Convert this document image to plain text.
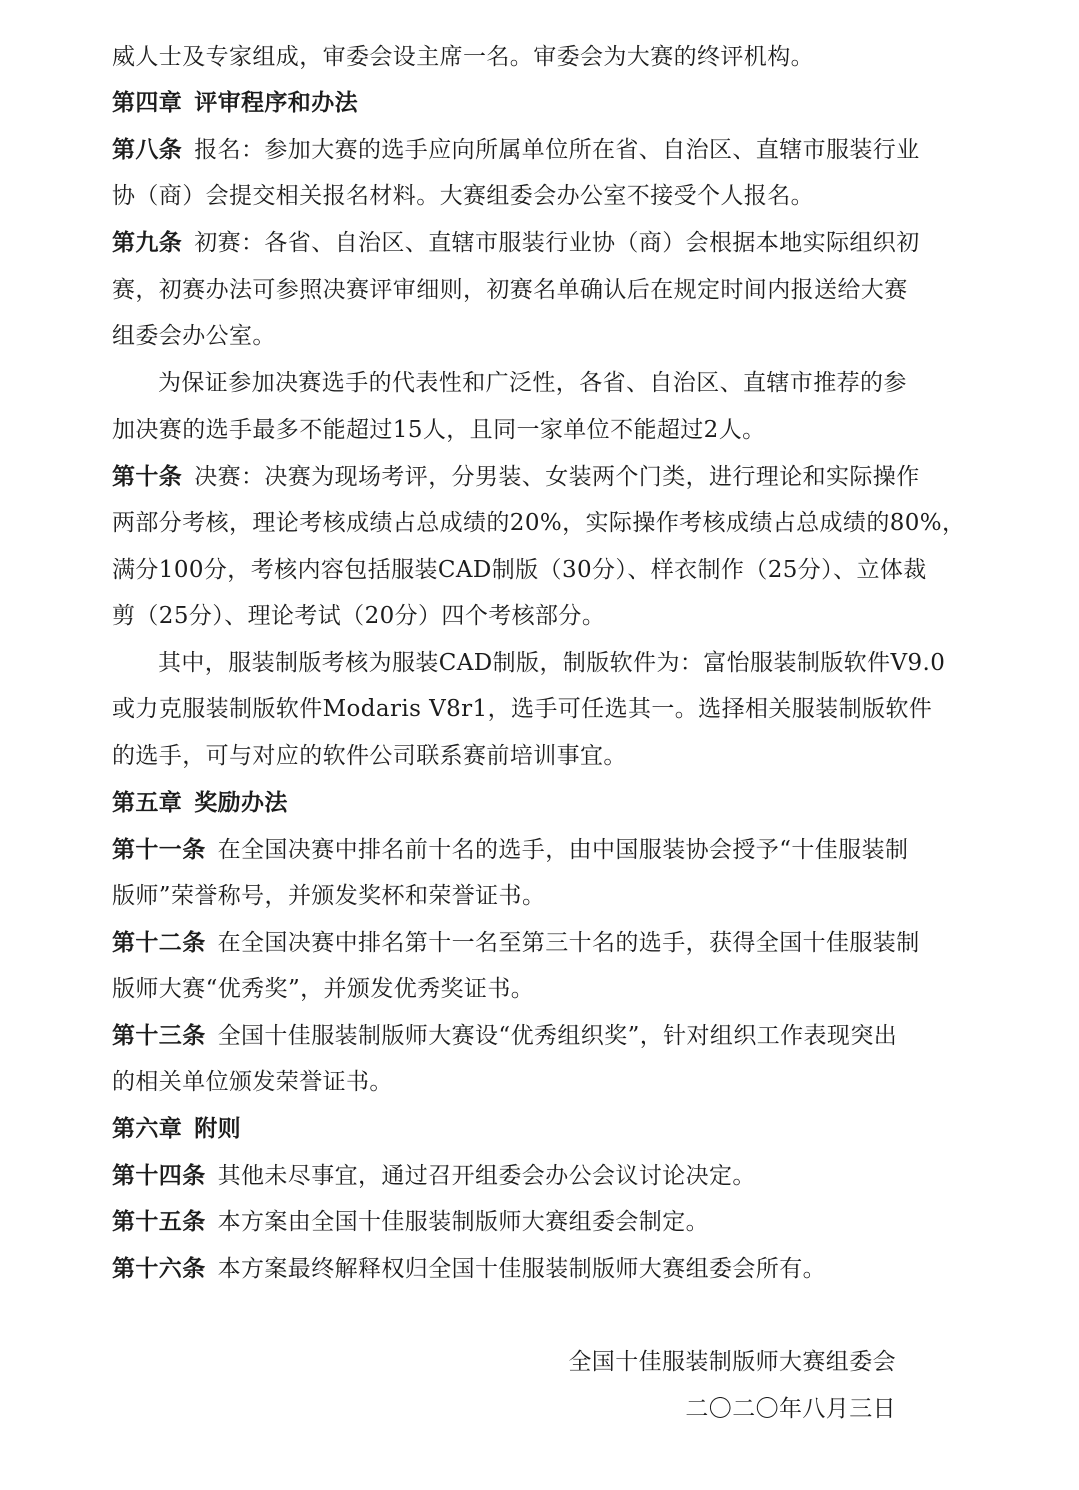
威人士及专家组成，审委会设主席一名。审委会为大赛的终评机构。
第四章 评审程序和办法
第八条 报名：参加大赛的选手应向所属单位所在省、自治区、直辖市服装行业
协（商）会提交相关报名材料。大赛组委会办公室不接受个人报名。
第九条 初赛：各省、自治区、直辖市服装行业协（商）会根据本地实际组织初
赛，初赛办法可参照决赛评审细则，初赛名单确认后在规定时间内报送给大赛
组委会办公室。
为保证参加决赛选手的代表性和广泛性，各省、自治区、直辖市推荐的参
加决赛的选手最多不能超过15人，且同一家单位不能超过2人。
第十条 决赛：决赛为现场考评，分男装、女装两个门类，进行理论和实际操作
两部分考核，理论考核成绩占总成绩的20%，实际操作考核成绩占总成绩的80%，
满分100分，考核内容包括服装CAD制版（30分）、样衣制作（25分）、立体裁
剪（25分）、理论考试（20分）四个考核部分。
其中，服装制版考核为服装CAD制版，制版软件为：富怡服装制版软件V9.0
或力克服装制版软件Modaris V8r1，选手可任选其一。选择相关服装制版软件
的选手，可与对应的软件公司联系赛前培训事宜。
第五章 奖励办法
第十一条 在全国决赛中排名前十名的选手，由中国服装协会授予“十佳服装制
版师”荣誉称号，并颁发奖杯和荣誉证书。
第十二条 在全国决赛中排名第十一名至第三十名的选手，获得全国十佳服装制
版师大赛“优秀奖”，并颁发优秀奖证书。
第十三条 全国十佳服装制版师大赛设“优秀组织奖”，针对组织工作表现突出
的相关单位颁发荣誉证书。
第六章 附则
第十四条 其他未尽事宜，通过召开组委会办公会议讨论决定。
第十五条 本方案由全国十佳服装制版师大赛组委会制定。
第十六条 本方案最终解释权归全国十佳服装制版师大赛组委会所有。
全国十佳服装制版师大赛组委会
二〇二〇年八月三日
